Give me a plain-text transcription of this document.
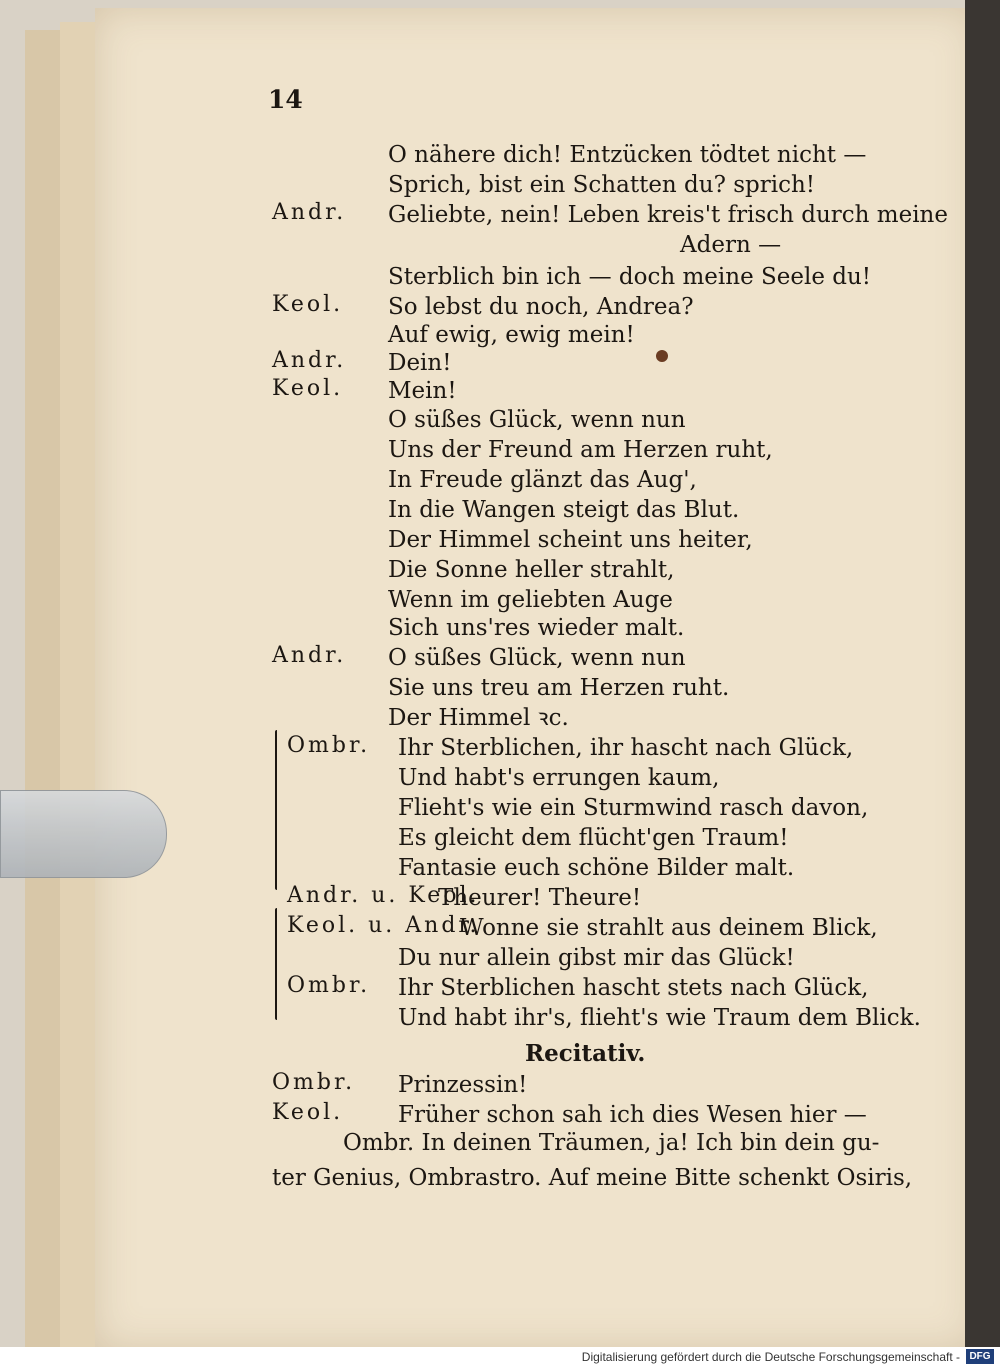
14
O nähere dich! Entzücken tödtet nicht —
Sprich, bist ein Schatten du? sprich!
Andr. Geliebte, nein! Leben kreis't frisch durch meine
Adern —
Sterblich bin ich — doch meine Seele du!
Keol. So lebst du noch, Andrea?
Auf ewig, ewig mein!
Andr. Dein!
Keol. Mein!
O süßes Glück, wenn nun
Uns der Freund am Herzen ruht,
In Freude glänzt das Aug',
In die Wangen steigt das Blut.
Der Himmel scheint uns heiter,
Die Sonne heller strahlt,
Wenn im geliebten Auge
Sich uns'res wieder malt.
Andr. O süßes Glück, wenn nun
Sie uns treu am Herzen ruht.
Der Himmel ꝛc.
Ombr. Ihr Sterblichen, ihr hascht nach Glück,
Und habt's errungen kaum,
Flieht's wie ein Sturmwind rasch davon,
Es gleicht dem flücht'gen Traum!
Fantasie euch schöne Bilder malt.
Andr. u. Keol.
Theurer! Theure!
Keol. u. Andr.
Wonne sie strahlt aus deinem Blick,
Du nur allein gibst mir das Glück!
Ombr. Ihr Sterblichen hascht stets nach Glück,
Und habt ihr's, flieht's wie Traum dem Blick.
Recitativ.
Ombr. Prinzessin!
Keol. Früher schon sah ich dies Wesen hier —
Ombr. In deinen Träumen, ja! Ich bin dein gu-
ter Genius, Ombrastro. Auf meine Bitte schenkt Osiris,
Digitalisierung gefördert durch die Deutsche Forschungsgemeinschaft - DFG
